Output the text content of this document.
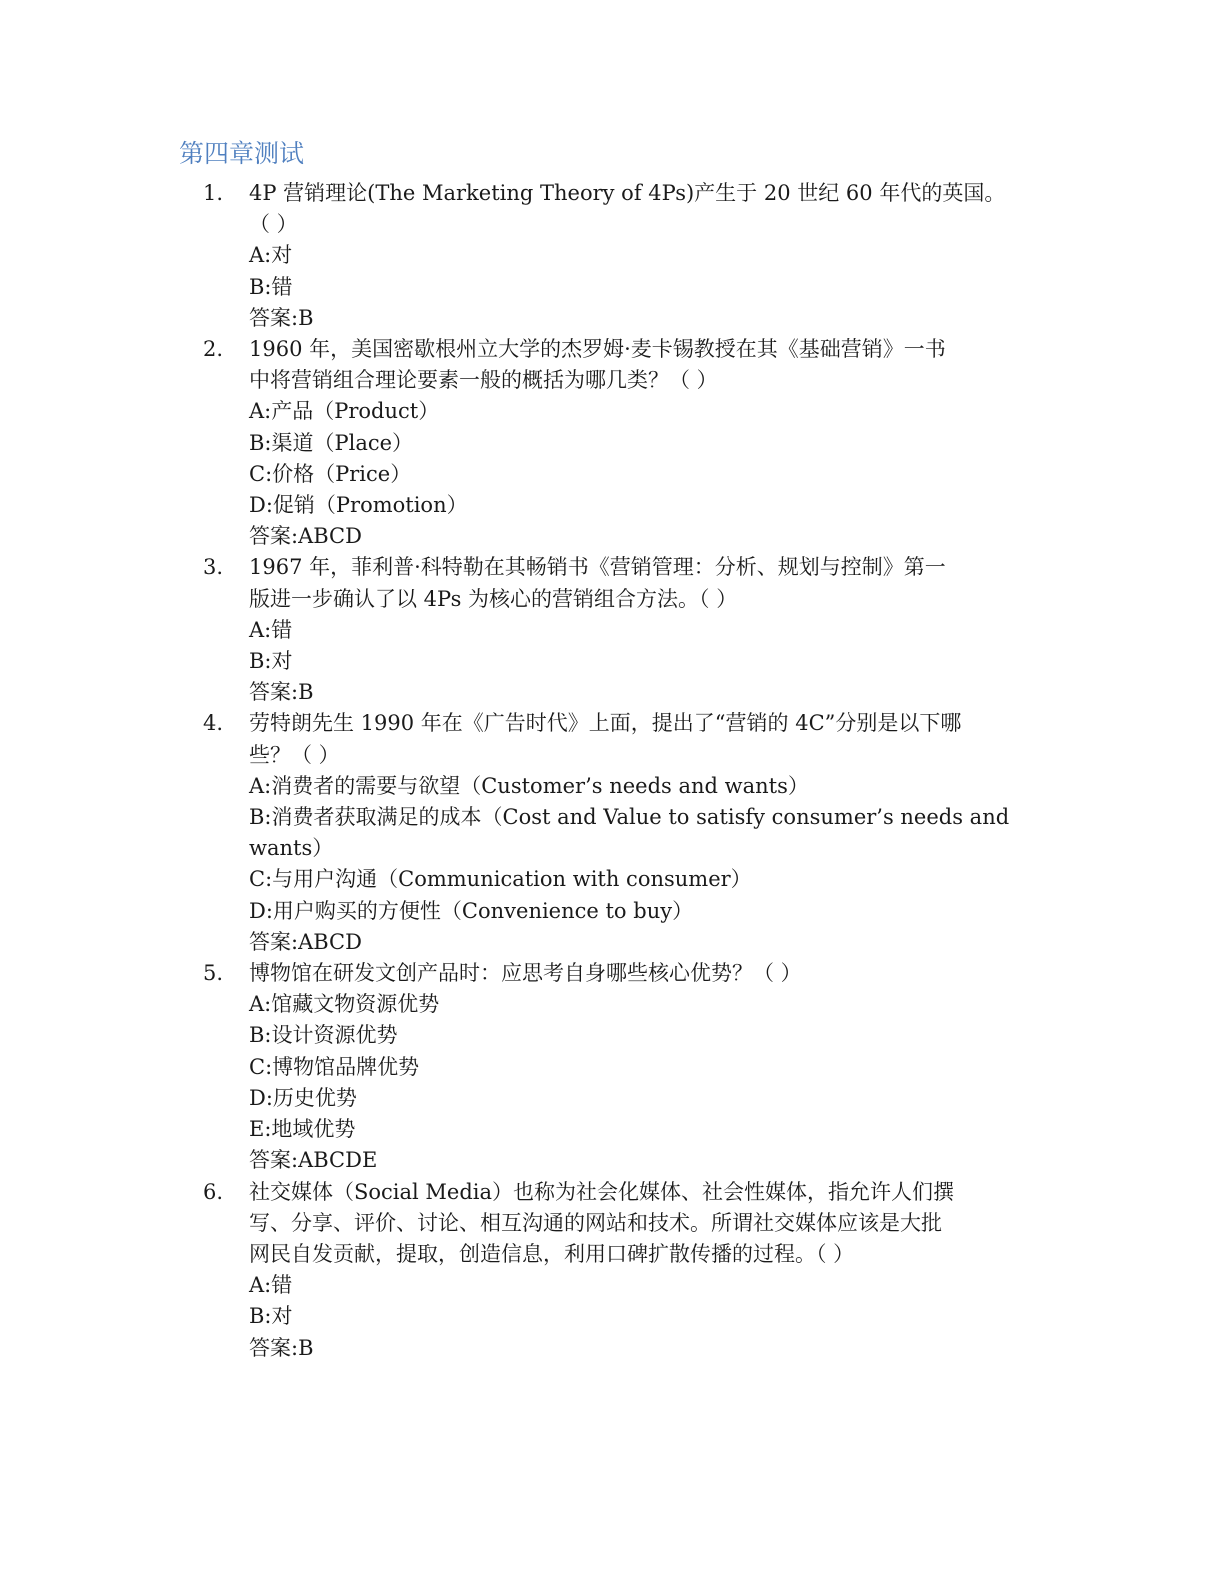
第四章测试
1. 4P 营销理论(The Marketing Theory of 4Ps)产生于 20 世纪 60 年代的英国。
（ ）
A:对
B:错
答案:B
2. 1960 年，美国密歇根州立大学的杰罗姆·麦卡锡教授在其《基础营销》一书
中将营销组合理论要素一般的概括为哪几类？（ ）
A:产品（Product）
B:渠道（Place）
C:价格（Price）
D:促销（Promotion）
答案:ABCD
3. 1967 年，菲利普·科特勒在其畅销书《营销管理：分析、规划与控制》第一
版进一步确认了以 4Ps 为核心的营销组合方法。（ ）
A:错
B:对
答案:B
4. 劳特朗先生 1990 年在《广告时代》上面，提出了“营销的 4C”分别是以下哪
些？（ ）
A:消费者的需要与欲望（Customer’s needs and wants）
B:消费者获取满足的成本（Cost and Value to satisfy consumer’s needs and
wants）
C:与用户沟通（Communication with consumer）
D:用户购买的方便性（Convenience to buy）
答案:ABCD
5. 博物馆在研发文创产品时：应思考自身哪些核心优势？（ ）
A:馆藏文物资源优势
B:设计资源优势
C:博物馆品牌优势
D:历史优势
E:地域优势
答案:ABCDE
6. 社交媒体（Social Media）也称为社会化媒体、社会性媒体，指允许人们撰
写、分享、评价、讨论、相互沟通的网站和技术。所谓社交媒体应该是大批
网民自发贡献，提取，创造信息，利用口碑扩散传播的过程。（ ）
A:错
B:对
答案:B
